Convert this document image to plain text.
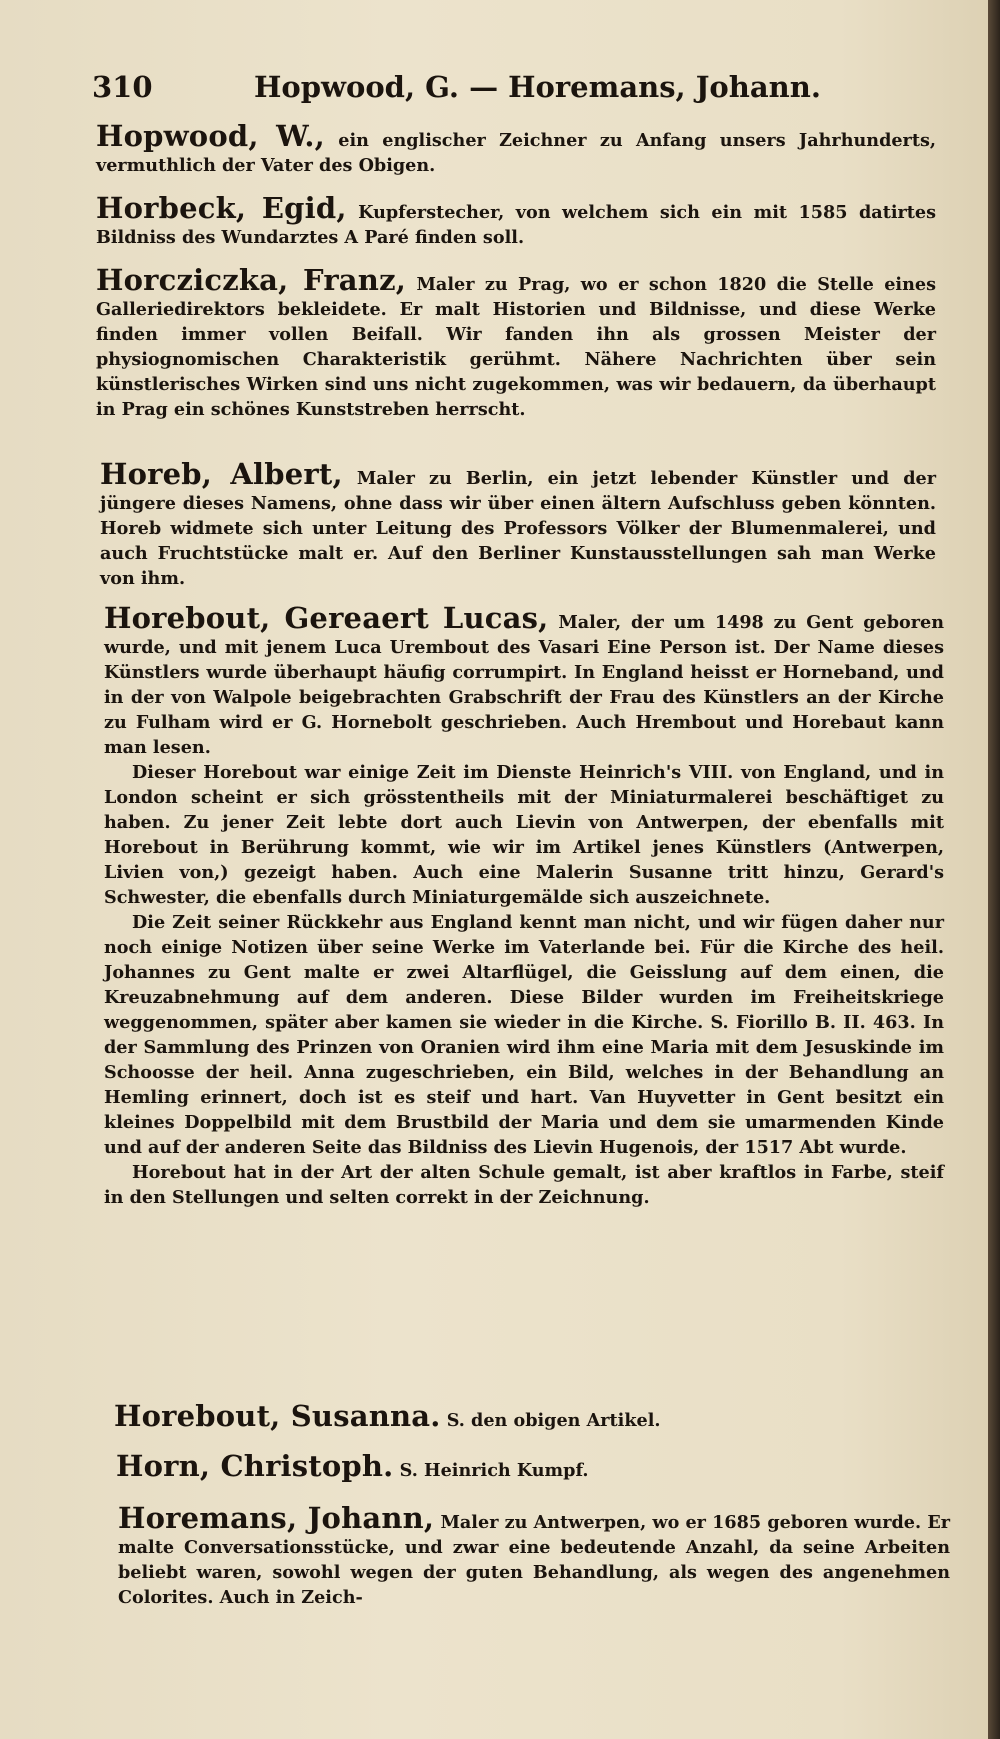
310	Hopwood, G. — Horemans, Johann.

Hopwood, W., ein englischer Zeichner zu Anfang unsers Jahrhunderts, vermuthlich der Vater des Obigen.

Horbeck, Egid, Kupferstecher, von welchem sich ein mit 1585 datirtes Bildniss des Wundarztes A Paré finden soll.

Horcziczka, Franz, Maler zu Prag, wo er schon 1820 die Stelle eines Galleriedirektors bekleidete. Er malt Historien und Bildnisse, und diese Werke finden immer vollen Beifall. Wir fanden ihn als grossen Meister der physiognomischen Charakteristik gerühmt. Nähere Nachrichten über sein künstlerisches Wirken sind uns nicht zugekommen, was wir bedauern, da überhaupt in Prag ein schönes Kunststreben herrscht.

Horeb, Albert, Maler zu Berlin, ein jetzt lebender Künstler und der jüngere dieses Namens, ohne dass wir über einen ältern Aufschluss geben könnten. Horeb widmete sich unter Leitung des Professors Völker der Blumenmalerei, und auch Fruchtstücke malt er. Auf den Berliner Kunstausstellungen sah man Werke von ihm.

Horebout, Gereaert Lucas, Maler, der um 1498 zu Gent geboren wurde, und mit jenem Luca Urembout des Vasari Eine Person ist. Der Name dieses Künstlers wurde überhaupt häufig corrumpirt. In England heisst er Horneband, und in der von Walpole beigebrachten Grabschrift der Frau des Künstlers an der Kirche zu Fulham wird er G. Hornebolt geschrieben. Auch Hrembout und Horebaut kann man lesen.

Dieser Horebout war einige Zeit im Dienste Heinrich's VIII. von England, und in London scheint er sich grösstentheils mit der Miniaturmalerei beschäftiget zu haben. Zu jener Zeit lebte dort auch Lievin von Antwerpen, der ebenfalls mit Horebout in Berührung kommt, wie wir im Artikel jenes Künstlers (Antwerpen, Livien von,) gezeigt haben. Auch eine Malerin Susanne tritt hinzu, Gerard's Schwester, die ebenfalls durch Miniaturgemälde sich auszeichnete.

Die Zeit seiner Rückkehr aus England kennt man nicht, und wir fügen daher nur noch einige Notizen über seine Werke im Vaterlande bei. Für die Kirche des heil. Johannes zu Gent malte er zwei Altarflügel, die Geisslung auf dem einen, die Kreuzabnehmung auf dem anderen. Diese Bilder wurden im Freiheitskriege weggenommen, später aber kamen sie wieder in die Kirche. S. Fiorillo B. II. 463. In der Sammlung des Prinzen von Oranien wird ihm eine Maria mit dem Jesuskinde im Schoosse der heil. Anna zugeschrieben, ein Bild, welches in der Behandlung an Hemling erinnert, doch ist es steif und hart. Van Huyvetter in Gent besitzt ein kleines Doppelbild mit dem Brustbild der Maria und dem sie umarmenden Kinde und auf der anderen Seite das Bildniss des Lievin Hugenois, der 1517 Abt wurde.

Horebout hat in der Art der alten Schule gemalt, ist aber kraftlos in Farbe, steif in den Stellungen und selten correkt in der Zeichnung.

Horebout, Susanna. S. den obigen Artikel.

Horn, Christoph. S. Heinrich Kumpf.

Horemans, Johann, Maler zu Antwerpen, wo er 1685 geboren wurde. Er malte Conversationsstücke, und zwar eine bedeutende Anzahl, da seine Arbeiten beliebt waren, sowohl wegen der guten Behandlung, als wegen des angenehmen Colorites. Auch in Zeich-
